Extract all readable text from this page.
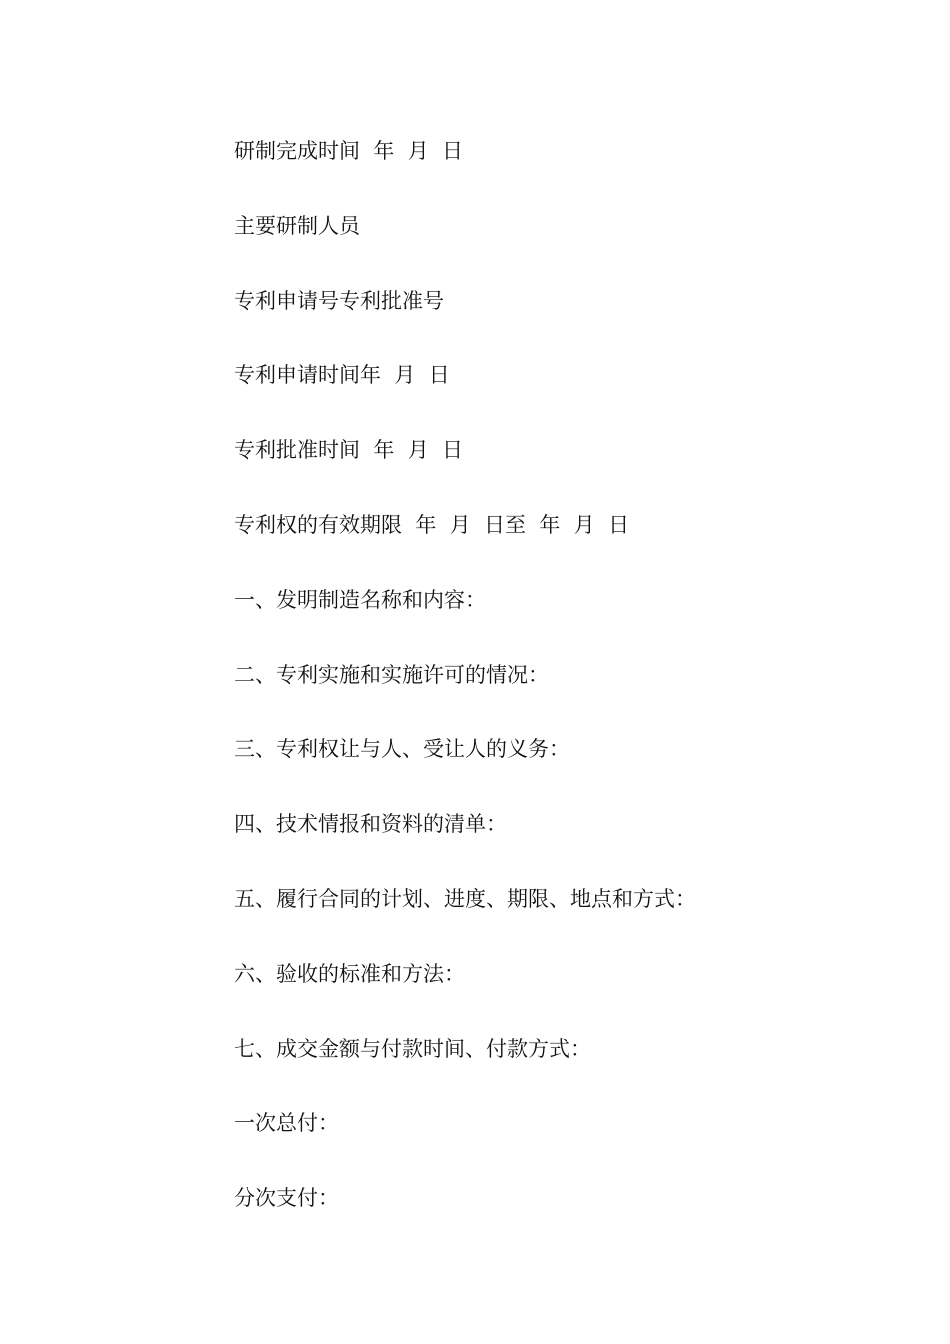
研制完成时间  年  月  日

主要研制人员

专利申请号专利批准号

专利申请时间年  月  日

专利批准时间  年  月  日

专利权的有效期限  年  月  日至  年  月  日

一、发明制造名称和内容：

二、专利实施和实施许可的情况：

三、专利权让与人、受让人的义务：

四、技术情报和资料的清单：

五、履行合同的计划、进度、期限、地点和方式：

六、验收的标准和方法：

七、成交金额与付款时间、付款方式：

一次总付：

分次支付：
